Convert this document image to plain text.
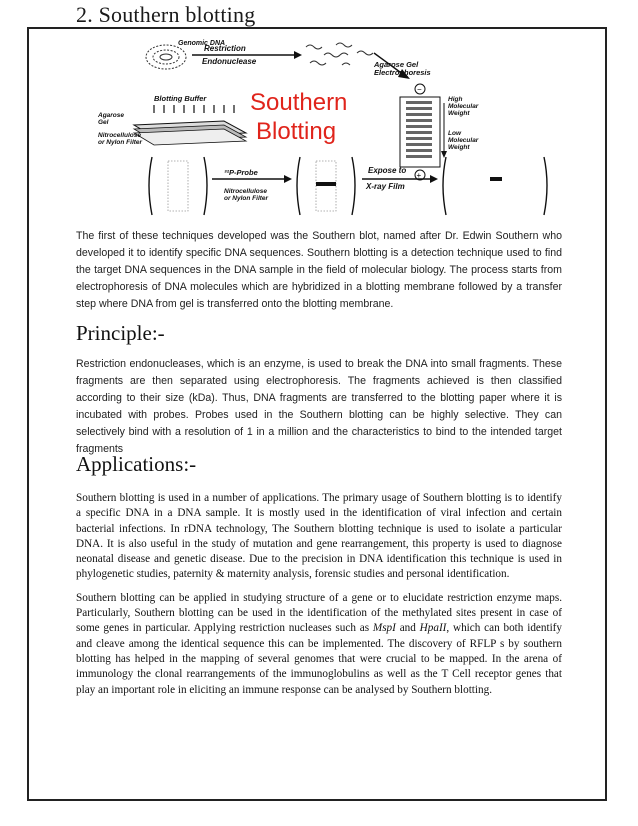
2. Southern blotting
Genomic DNA
Restriction
Endonuclease	Agarose Gel Electrophoresis
−
+
High Molecular Weight
Low Molecular Weight
Blotting Buffer
Agarose Gel
Nitrocellulose or Nylon Filter
Southern
Blotting
³²P-Probe
Nitrocellulose or Nylon Filter
Expose to
X-ray Film
The first of these techniques developed was the Southern blot, named after Dr. Edwin Southern who developed it to identify specific DNA sequences. Southern blotting is a detection technique used to find the target DNA sequences in the DNA sample in the field of molecular biology. The process starts from electrophoresis of DNA molecules which are hybridized in a blotting membrane followed by a transfer step where DNA from gel is transferred onto the blotting membrane.
Principle:-
Restriction endonucleases, which is an enzyme, is used to break the DNA into small fragments. These fragments are then separated using electrophoresis. The fragments achieved is then classified according to their size (kDa). Thus, DNA fragments are transferred to the blotting paper where it is incubated with probes. Probes used in the Southern blotting can be highly selective. They can selectively bind with a resolution of 1 in a million and the characteristics to bind to the intended target fragments
Applications:-

Southern blotting is used in a number of applications. The primary usage of Southern blotting is to identify a specific DNA in a DNA sample. It is mostly used in the identification of viral infection and certain bacterial infections. In rDNA technology, The Southern blotting technique is used to isolate a particular DNA. It is also useful in the study of mutation and gene rearrangement, this property is used to diagnose neonatal disease and genetic disease. Due to the precision in DNA identification this technique is used in phylogenetic studies, paternity & maternity analysis, forensic studies and personal identification.

Southern blotting can be applied in studying structure of a gene or to elucidate restriction enzyme maps. Particularly, Southern blotting can be used in the identification of the methylated sites present in case of some genes in particular. Applying restriction nucleases such as MspI and HpaII, which can both identify and cleave among the identical sequence this can be implemented. The discovery of RFLP s by southern blotting has helped in the mapping of several genomes that were crucial to be mapped. In the arena of immunology the clonal rearrangements of the immunoglobulins as well as the T Cell receptor genes that play an important role in eliciting an immune response can be analysed by Southern blotting.
